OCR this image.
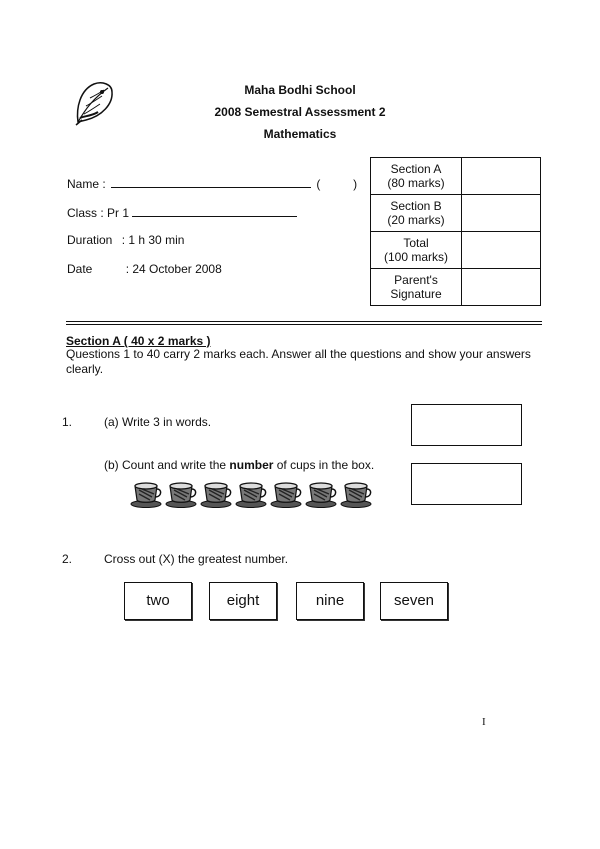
Maha Bodhi School
2008 Semestral Assessment 2
Mathematics
Name :	(	)
Class : Pr 1
Duration : 1 h 30 min
Date	: 24 October 2008
Section A
(80 marks)	
Section B
(20 marks)	
Total
(100 marks)	
Parent's
Signature	
Section A ( 40 x 2 marks )
Questions 1 to 40 carry 2 marks each. Answer all the questions and show your answers clearly.
1.	(a) Write 3 in words.
(b) Count and write the number of cups in the box.
2.	Cross out (X) the greatest number.
two	eight	nine	seven
I
